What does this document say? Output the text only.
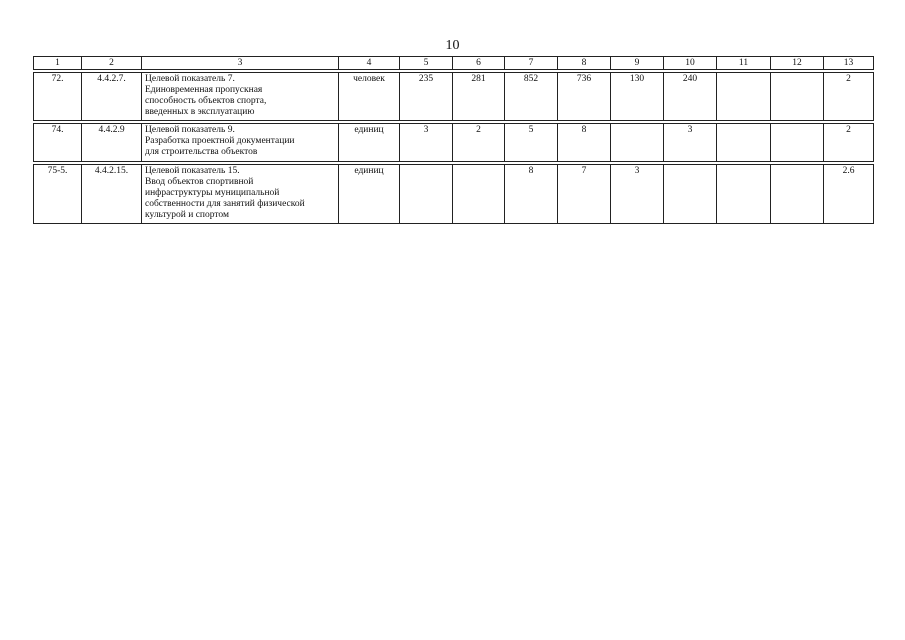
10
1	2	3	4	5	6	7	8	9	10	11	12	13

72.	4.4.2.7.	Целевой показатель 7.
Единовременная пропускная
способность объектов спорта,
введенных в эксплуатацию	человек	235	281	852	736	130	240			2

74.	4.4.2.9	Целевой показатель 9.
Разработка проектной документации
для строительства объектов	единиц	3	2	5	8		3			2

75-5.	4.4.2.15.	Целевой показатель 15.
Ввод объектов спортивной
инфраструктуры муниципальной
собственности для занятий физической
культурой и спортом	единиц			8	7	3				2.6
